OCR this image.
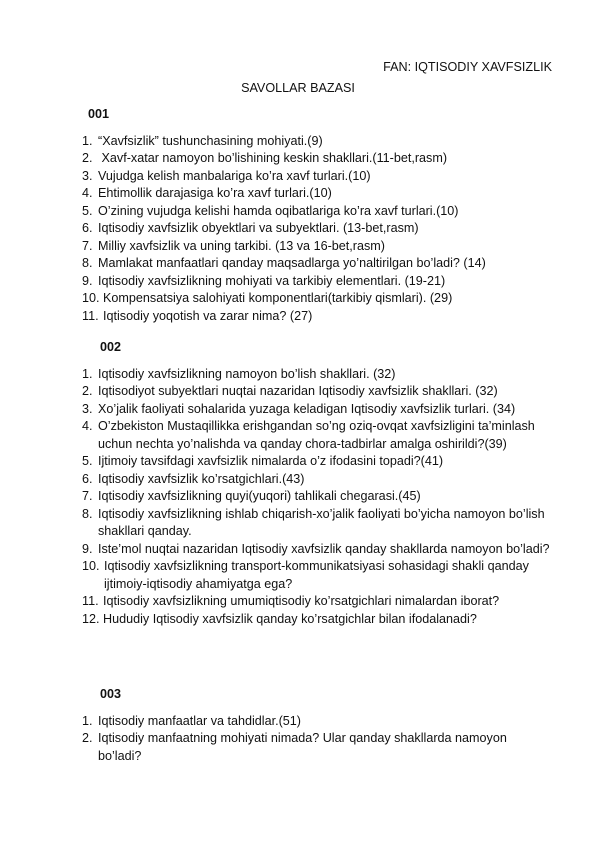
FAN: IQTISODIY XAVFSIZLIK
SAVOLLAR BAZASI
001
1. “Xavfsizlik” tushunchasining mohiyati.(9)
2. Xavf-xatar namoyon bo’lishining keskin shakllari.(11-bet,rasm)
3. Vujudga kelish manbalariga ko’ra xavf turlari.(10)
4. Ehtimollik darajasiga ko’ra xavf turlari.(10)
5. O’zining vujudga kelishi hamda oqibatlariga ko’ra xavf turlari.(10)
6. Iqtisodiy xavfsizlik obyektlari va subyektlari. (13-bet,rasm)
7. Milliy xavfsizlik va uning tarkibi. (13 va 16-bet,rasm)
8. Mamlakat manfaatlari qanday maqsadlarga yo’naltirilgan bo’ladi? (14)
9. Iqtisodiy xavfsizlikning mohiyati va tarkibiy elementlari. (19-21)
10. Kompensatsiya salohiyati komponentlari(tarkibiy qismlari). (29)
11. Iqtisodiy yoqotish va zarar nima? (27)
002
1. Iqtisodiy xavfsizlikning namoyon bo’lish shakllari. (32)
2. Iqtisodiyot subyektlari nuqtai nazaridan Iqtisodiy xavfsizlik shakllari. (32)
3. Xo’jalik faoliyati sohalarida yuzaga keladigan Iqtisodiy xavfsizlik turlari. (34)
4. O’zbekiston Mustaqillikka erishgandan so’ng oziq-ovqat xavfsizligini ta’minlash uchun nechta yo’nalishda va qanday chora-tadbirlar amalga oshirildi?(39)
5. Ijtimoiy tavsifdagi xavfsizlik nimalarda o’z ifodasini topadi?(41)
6. Iqtisodiy xavfsizlik ko’rsatgichlari.(43)
7. Iqtisodiy xavfsizlikning quyi(yuqori) tahlikali chegarasi.(45)
8. Iqtisodiy xavfsizlikning ishlab chiqarish-xo’jalik faoliyati bo’yicha namoyon bo’lish shakllari qanday.
9. Iste’mol nuqtai nazaridan Iqtisodiy xavfsizlik qanday shakllarda namoyon bo’ladi?
10. Iqtisodiy xavfsizlikning transport-kommunikatsiyasi sohasidagi shakli qanday ijtimoiy-iqtisodiy ahamiyatga ega?
11. Iqtisodiy xavfsizlikning umumiqtisodiy ko’rsatgichlari nimalardan iborat?
12. Hududiy Iqtisodiy xavfsizlik qanday ko’rsatgichlar bilan ifodalanadi?
003
1. Iqtisodiy manfaatlar va tahdidlar.(51)
2. Iqtisodiy manfaatning mohiyati nimada? Ular qanday shakllarda namoyon bo’ladi?
